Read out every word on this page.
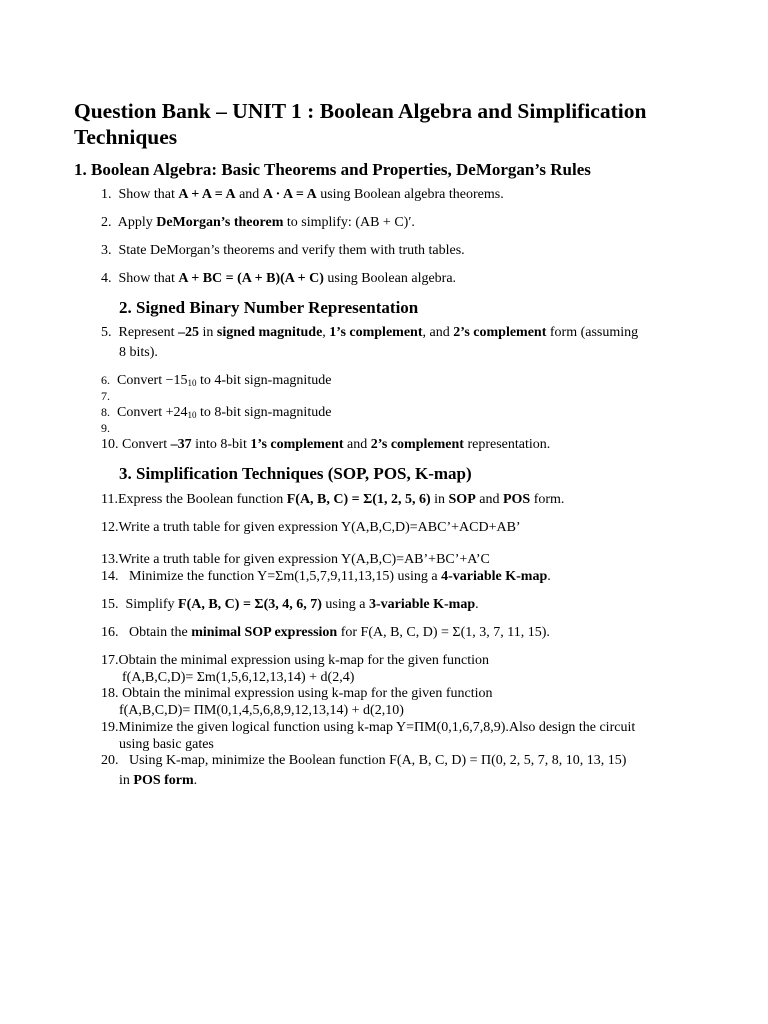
Question Bank – UNIT 1 : Boolean Algebra and Simplification Techniques
1. Boolean Algebra: Basic Theorems and Properties, DeMorgan’s Rules
1. Show that A + A = A and A · A = A using Boolean algebra theorems.
2. Apply DeMorgan’s theorem to simplify: (AB + C)′.
3. State DeMorgan’s theorems and verify them with truth tables.
4. Show that A + BC = (A + B)(A + C) using Boolean algebra.
2. Signed Binary Number Representation
5. Represent –25 in signed magnitude, 1’s complement, and 2’s complement form (assuming
8 bits).
6. Convert $-15_{10}$ to 4-bit sign-magnitude
7.
8. Convert $+24_{10}$ to 8-bit sign-magnitude
9.
10. Convert –37 into 8-bit 1’s complement and 2’s complement representation.
3. Simplification Techniques (SOP, POS, K-map)
11.Express the Boolean function F(A, B, C) = Σ(1, 2, 5, 6) in SOP and POS form.
12.Write a truth table for given expression Y(A,B,C,D)=ABC’+ACD+AB’
13.Write a truth table for given expression Y(A,B,C)=AB’+BC’+A’C
14.   Minimize the function Y=Σm(1,5,7,9,11,13,15) using a 4-variable K-map.
15.  Simplify F(A, B, C) = Σ(3, 4, 6, 7) using a 3-variable K-map.
16.   Obtain the minimal SOP expression for F(A, B, C, D) = Σ(1, 3, 7, 11, 15).
17.Obtain the minimal expression using k-map for the given function
f(A,B,C,D)= Σm(1,5,6,12,13,14) + d(2,4)
18. Obtain the minimal expression using k-map for the given function
f(A,B,C,D)= ΠM(0,1,4,5,6,8,9,12,13,14) + d(2,10)
19.Minimize the given logical function using k-map Y=ΠM(0,1,6,7,8,9).Also design the circuit
using basic gates
20.   Using K-map, minimize the Boolean function F(A, B, C, D) = Π(0, 2, 5, 7, 8, 10, 13, 15)
in POS form.
